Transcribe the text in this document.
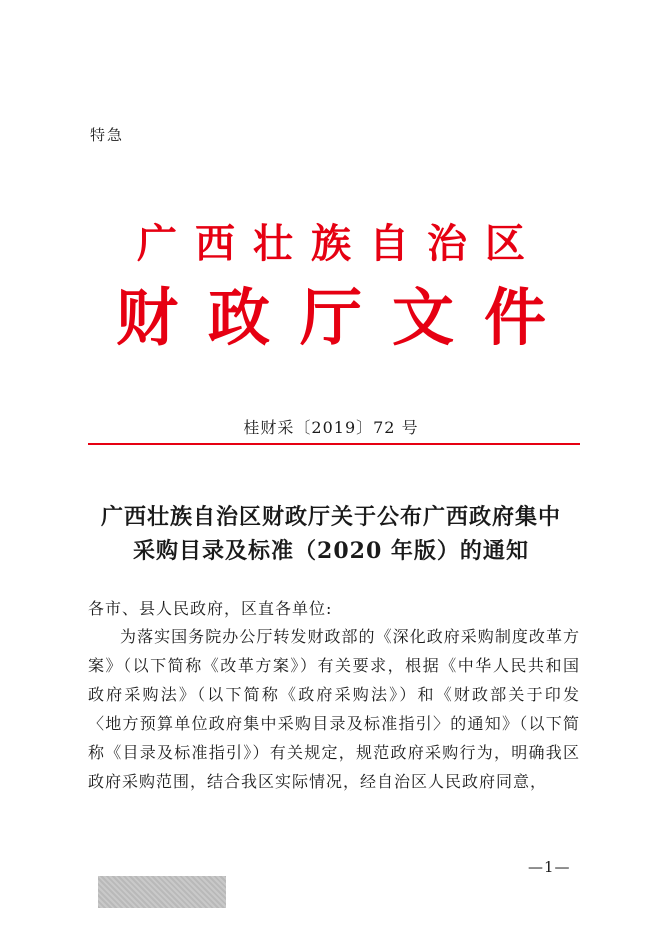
特急
广西壮族自治区
财政厅文件
桂财采〔2019〕72 号
广西壮族自治区财政厅关于公布广西政府集中
采购目录及标准（2020 年版）的通知
各市、县人民政府，区直各单位:

为落实国务院办公厅转发财政部的《深化政府采购制度改革方案》（以下简称《改革方案》）有关要求，根据《中华人民共和国政府采购法》（以下简称《政府采购法》）和《财政部关于印发〈地方预算单位政府集中采购目录及标准指引〉的通知》（以下简称《目录及标准指引》）有关规定，规范政府采购行为，明确我区政府采购范围，结合我区实际情况，经自治区人民政府同意，

—1—
